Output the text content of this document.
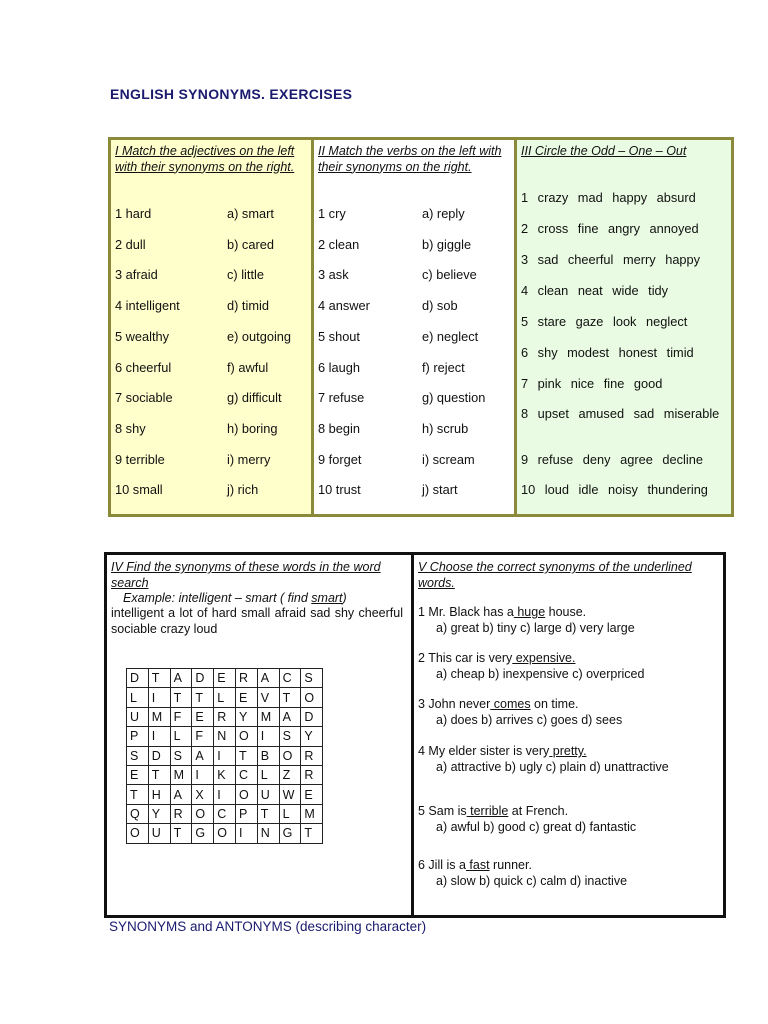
ENGLISH SYNONYMS. EXERCISES
I Match the adjectives on the left with their synonyms on the right.
1 hard	a) smart
2 dull	b) cared
3 afraid	c) little
4 intelligent	d) timid
5 wealthy	e) outgoing
6 cheerful	f) awful
7 sociable	g) difficult
8 shy	h) boring
9 terrible	i) merry
10 small	j) rich
II Match the verbs on the left with their synonyms on the right.
1 cry	a) reply
2 clean	b) giggle
3 ask	c) believe
4 answer	d) sob
5 shout	e) neglect
6 laugh	f) reject
7 refuse	g) question
8 begin	h) scrub
9 forget	i) scream
10 trust	j) start
III Circle the Odd – One – Out
1 crazy mad happy absurd
2 cross fine angry annoyed
3 sad cheerful merry happy
4 clean neat wide tidy
5 stare gaze look neglect
6 shy modest honest timid
7 pink nice fine good
8 upset amused sad miserable
9 refuse deny agree decline
10 loud idle noisy thundering
IV Find the synonyms of these words in the word search
Example: intelligent – smart ( find smart)
intelligent a lot of hard small afraid sad shy cheerful sociable crazy loud
D	T	A	D	E	R	A	C	S
L	I	T	T	L	E	V	T	O
U	M	F	E	R	Y	M	A	D
P	I	L	F	N	O	I	S	Y
S	D	S	A	I	T	B	O	R
E	T	M	I	K	C	L	Z	R
T	H	A	X	I	O	U	W	E
Q	Y	R	O	C	P	T	L	M
O	U	T	G	O	I	N	G	T
V Choose the correct synonyms of the underlined words.
1 Mr. Black has a huge house.
a) great b) tiny c) large d) very large
2 This car is very expensive.
a) cheap b) inexpensive c) overpriced
3 John never comes on time.
a) does b) arrives c) goes d) sees
4 My elder sister is very pretty.
a) attractive b) ugly c) plain d) unattractive
5 Sam is terrible at French.
a) awful b) good c) great d) fantastic
6 Jill is a fast runner.
a) slow b) quick c) calm d) inactive
SYNONYMS and ANTONYMS (describing character)
